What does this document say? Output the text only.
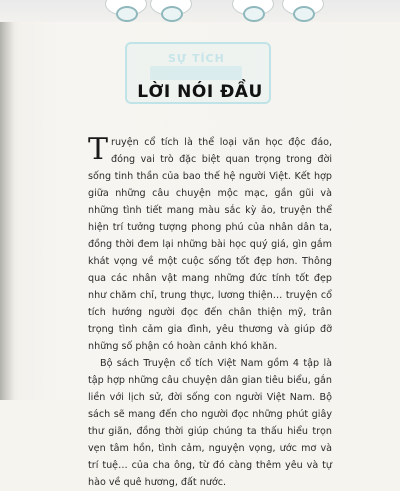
SỰ TÍCH
LỜI NÓI ĐẦU

Truyện cổ tích là thể loại văn học độc đáo, đóng vai trò đặc biệt quan trọng trong đời sống tinh thần của bao thế hệ người Việt. Kết hợp giữa những câu chuyện mộc mạc, gần gũi và những tình tiết mang màu sắc kỳ ảo, truyện thể hiện trí tưởng tượng phong phú của nhân dân ta, đồng thời đem lại những bài học quý giá, gìn gắm khát vọng về một cuộc sống tốt đẹp hơn. Thông qua các nhân vật mang những đức tính tốt đẹp như chăm chỉ, trung thực, lương thiện… truyện cổ tích hướng người đọc đến chân thiện mỹ, trân trọng tình cảm gia đình, yêu thương và giúp đỡ những số phận có hoàn cảnh khó khăn.

Bộ sách Truyện cổ tích Việt Nam gồm 4 tập là tập hợp những câu chuyện dân gian tiêu biểu, gắn liền với lịch sử, đời sống con người Việt Nam. Bộ sách sẽ mang đến cho người đọc những phút giây thư giãn, đồng thời giúp chúng ta thấu hiểu trọn vẹn tâm hồn, tình cảm, nguyện vọng, ước mơ và trí tuệ… của cha ông, từ đó càng thêm yêu và tự hào về quê hương, đất nước.
